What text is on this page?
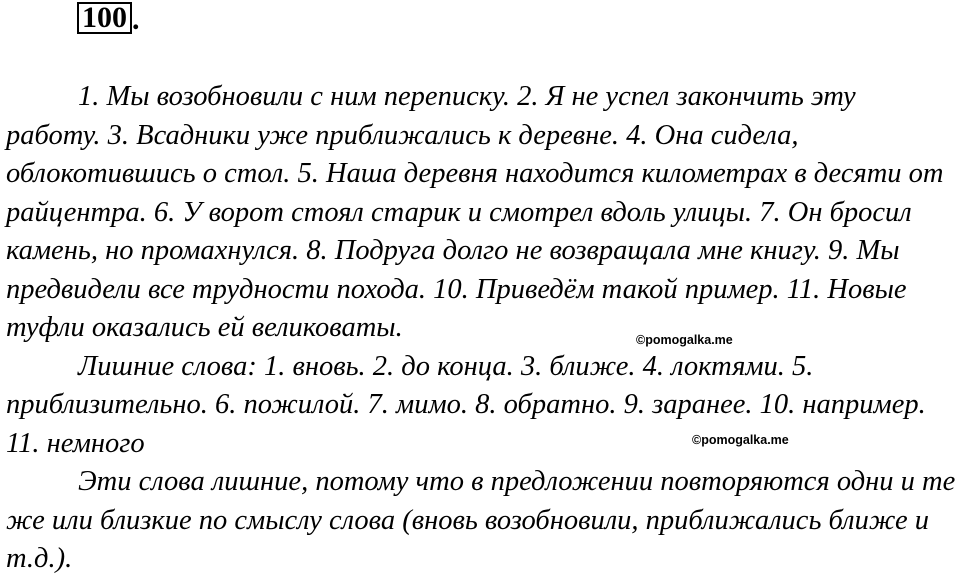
100 .

1. Мы возобновили с ним переписку. 2. Я не успел закончить эту работу. 3. Всадники уже приближались к деревне. 4. Она сидела, облокотившись о стол. 5. Наша деревня находится километрах в десяти от райцентра. 6. У ворот стоял старик и смотрел вдоль улицы. 7. Он бросил камень, но промахнулся. 8. Подруга долго не возвращала мне книгу. 9. Мы предвидели все трудности похода. 10. Приведём такой пример. 11. Новые туфли оказались ей великоваты.

Лишние слова: 1. вновь. 2. до конца. 3. ближе. 4. локтями. 5. приблизительно. 6. пожилой. 7. мимо. 8. обратно. 9. заранее. 10. например. 11. немного

Эти слова лишние, потому что в предложении повторяются одни и те же или близкие по смыслу слова (вновь возобновили, приближались ближе и т.д.).

©pomogalka.me
©pomogalka.me
